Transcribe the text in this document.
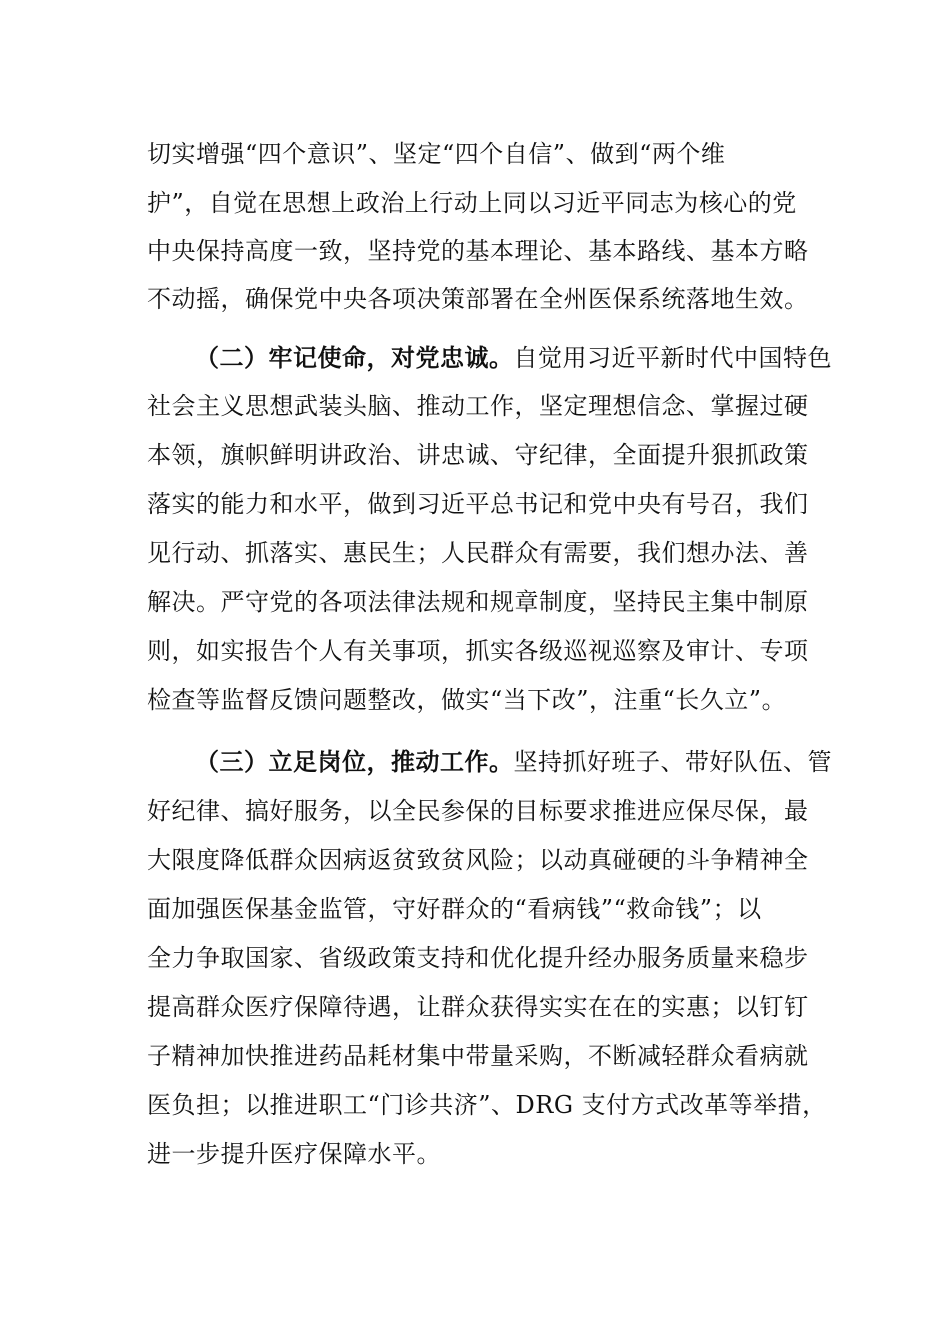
切实增强“四个意识”、坚定“四个自信”、做到“两个维
护”，自觉在思想上政治上行动上同以习近平同志为核心的党
中央保持高度一致，坚持党的基本理论、基本路线、基本方略
不动摇，确保党中央各项决策部署在全州医保系统落地生效。
（二）牢记使命，对党忠诚。自觉用习近平新时代中国特色
社会主义思想武装头脑、推动工作，坚定理想信念、掌握过硬
本领，旗帜鲜明讲政治、讲忠诚、守纪律，全面提升狠抓政策
落实的能力和水平，做到习近平总书记和党中央有号召，我们
见行动、抓落实、惠民生；人民群众有需要，我们想办法、善
解决。严守党的各项法律法规和规章制度，坚持民主集中制原
则，如实报告个人有关事项，抓实各级巡视巡察及审计、专项
检查等监督反馈问题整改，做实“当下改”，注重“长久立”。
（三）立足岗位，推动工作。坚持抓好班子、带好队伍、管
好纪律、搞好服务，以全民参保的目标要求推进应保尽保，最
大限度降低群众因病返贫致贫风险；以动真碰硬的斗争精神全
面加强医保基金监管，守好群众的“看病钱”“救命钱”；以
全力争取国家、省级政策支持和优化提升经办服务质量来稳步
提高群众医疗保障待遇，让群众获得实实在在的实惠；以钉钉
子精神加快推进药品耗材集中带量采购，不断减轻群众看病就
医负担；以推进职工“门诊共济”、DRG 支付方式改革等举措，
进一步提升医疗保障水平。
